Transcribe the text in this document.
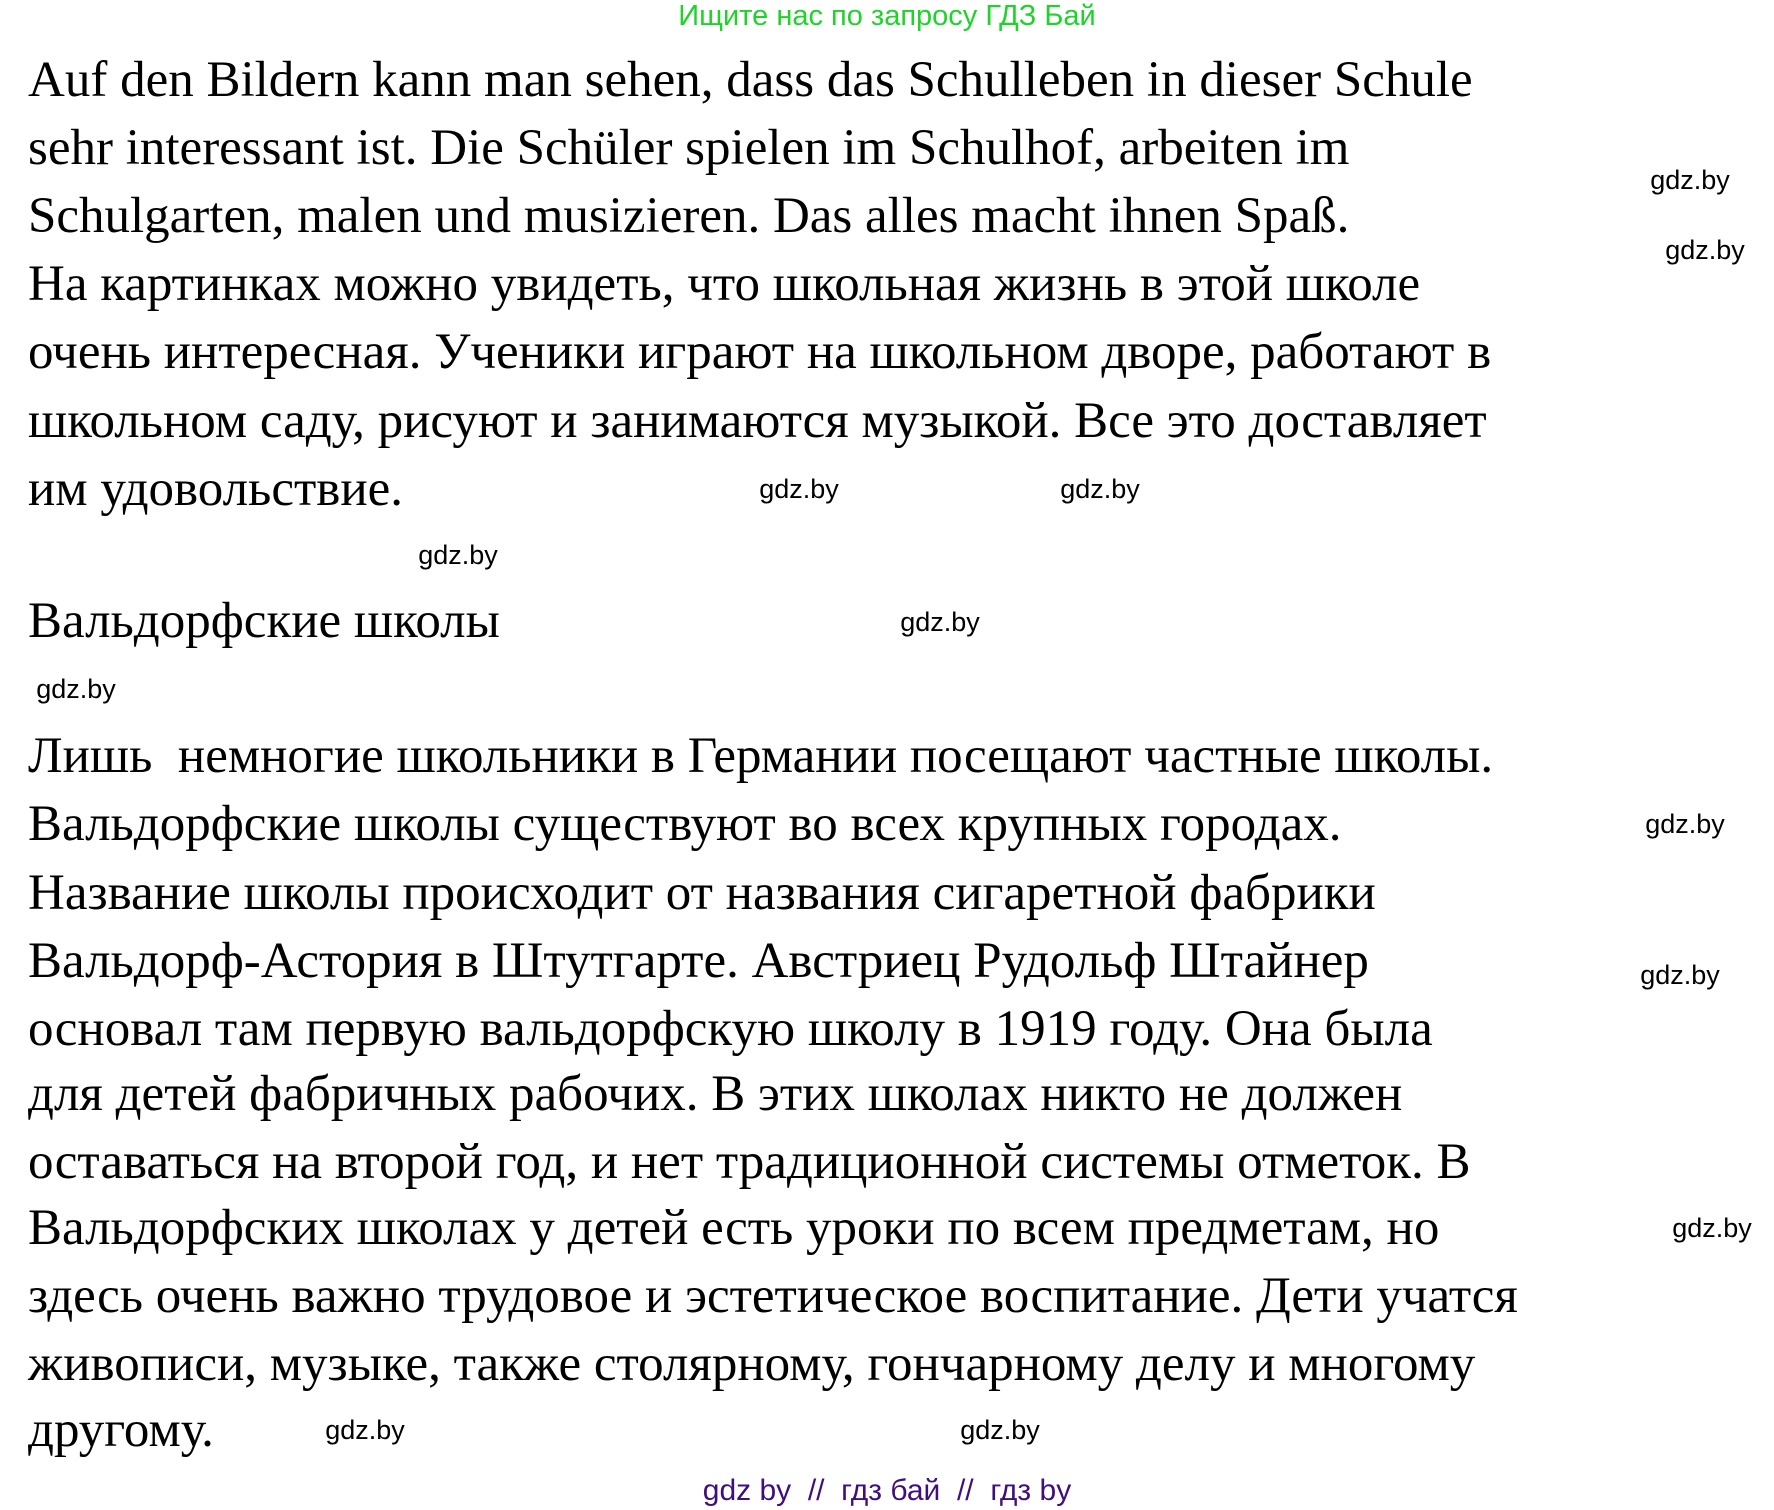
Ищите нас по запросу ГДЗ Бай
Auf den Bildern kann man sehen, dass das Schulleben in dieser Schule
sehr interessant ist. Die Schüler spielen im Schulhof, arbeiten im
Schulgarten, malen und musizieren. Das alles macht ihnen Spaß.
На картинках можно увидеть, что школьная жизнь в этой школе
очень интересная. Ученики играют на школьном дворе, работают в
школьном саду, рисуют и занимаются музыкой. Все это доставляет
им удовольствие.
Вальдорфские школы
Лишь  немногие школьники в Германии посещают частные школы.
Вальдорфские школы существуют во всех крупных городах.
Название школы происходит от названия сигаретной фабрики
Вальдорф-Астория в Штутгарте. Австриец Рудольф Штайнер
основал там первую вальдорфскую школу в 1919 году. Она была
для детей фабричных рабочих. В этих школах никто не должен
оставаться на второй год, и нет традиционной системы отметок. В
Вальдорфских школах у детей есть уроки по всем предметам, но
здесь очень важно трудовое и эстетическое воспитание. Дети учатся
живописи, музыке, также столярному, гончарному делу и многому
другому.
gdz.by
gdz.by
gdz.by	gdz.by
gdz.by
gdz.by
gdz.by
gdz.by
gdz.by
gdz.by
gdz.by
gdz.by
gdz by  //  гдз бай  //  гдз by
